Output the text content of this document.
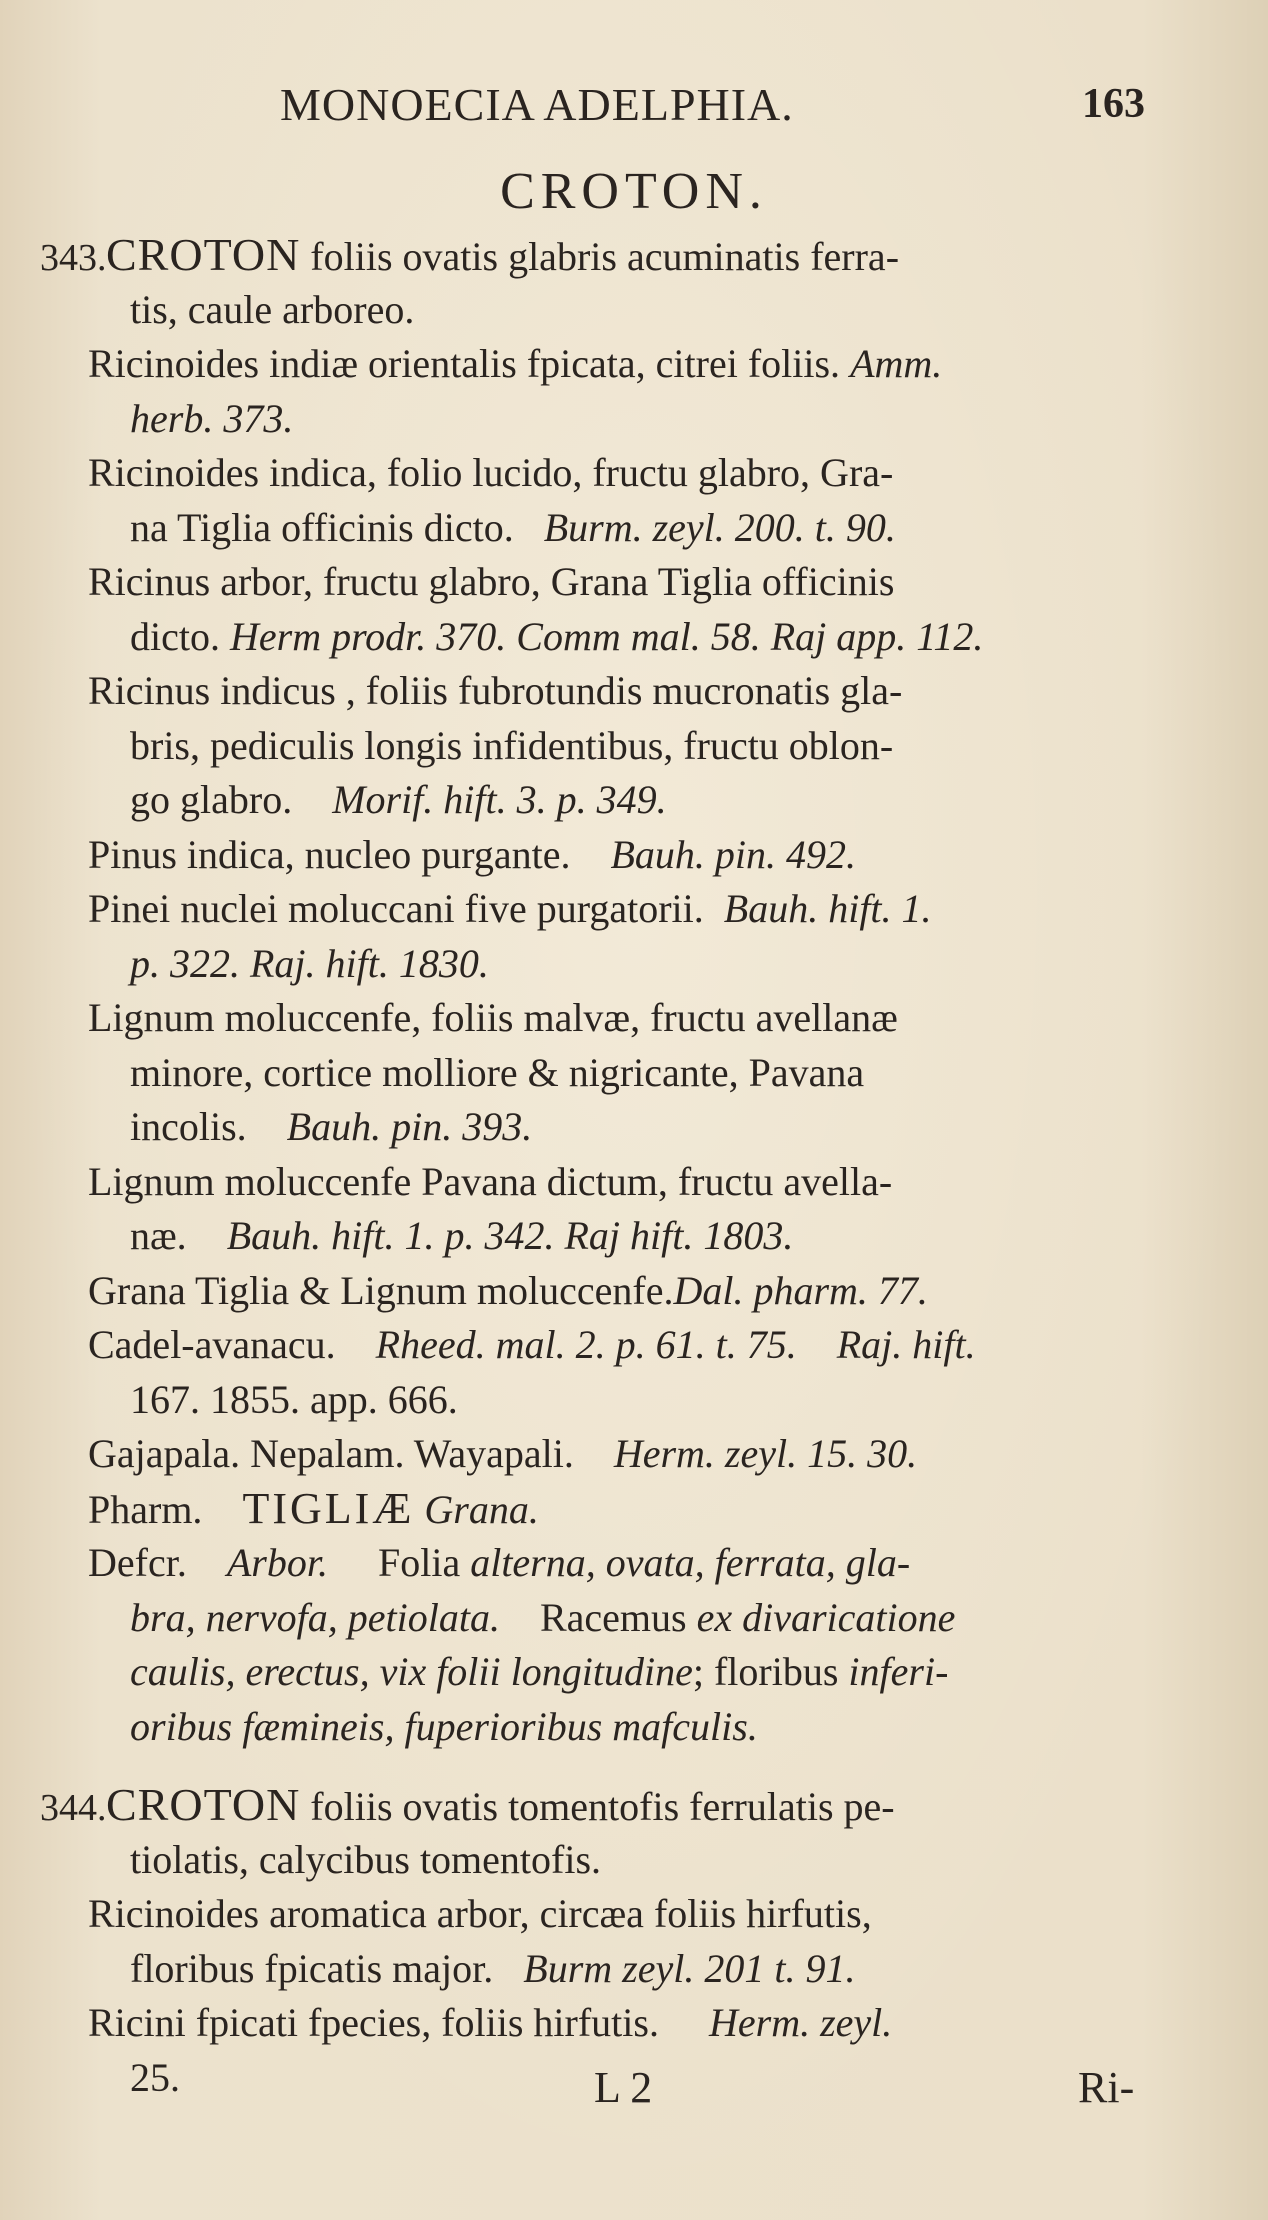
MONOECIA ADELPHIA.	163
CROTON.
343.CROTON foliis ovatis glabris acuminatis ferra-
tis, caule arboreo.
Ricinoides indiæ orientalis fpicata, citrei foliis. Amm.
herb. 373.
Ricinoides indica, folio lucido, fructu glabro, Gra-
na Tiglia officinis dicto. Burm. zeyl. 200. t. 90.
Ricinus arbor, fructu glabro, Grana Tiglia officinis
dicto. Herm prodr. 370. Comm mal. 58. Raj app. 112.
Ricinus indicus , foliis fubrotundis mucronatis gla-
bris, pediculis longis infidentibus, fructu oblon-
go glabro. Morif. hift. 3. p. 349.
Pinus indica, nucleo purgante. Bauh. pin. 492.
Pinei nuclei moluccani five purgatorii. Bauh. hift. 1.
p. 322. Raj. hift. 1830.
Lignum moluccenfe, foliis malvæ, fructu avellanæ
minore, cortice molliore & nigricante, Pavana
incolis. Bauh. pin. 393.
Lignum moluccenfe Pavana dictum, fructu avella-
næ. Bauh. hift. 1. p. 342. Raj hift. 1803.
Grana Tiglia & Lignum moluccenfe.Dal. pharm. 77.
Cadel-avanacu. Rheed. mal. 2. p. 61. t. 75. Raj. hift.
167. 1855. app. 666.
Gajapala. Nepalam. Wayapali. Herm. zeyl. 15. 30.
Pharm. TIGLIÆ Grana.
Defcr. Arbor. Folia alterna, ovata, ferrata, gla-
bra, nervofa, petiolata. Racemus ex divaricatione
caulis, erectus, vix folii longitudine; floribus inferi-
oribus fæmineis, fuperioribus mafculis.
344.CROTON foliis ovatis tomentofis ferrulatis pe-
tiolatis, calycibus tomentofis.
Ricinoides aromatica arbor, circæa foliis hirfutis,
floribus fpicatis major. Burm zeyl. 201 t. 91.
Ricini fpicati fpecies, foliis hirfutis. Herm. zeyl.
25.	L 2	Ri-
